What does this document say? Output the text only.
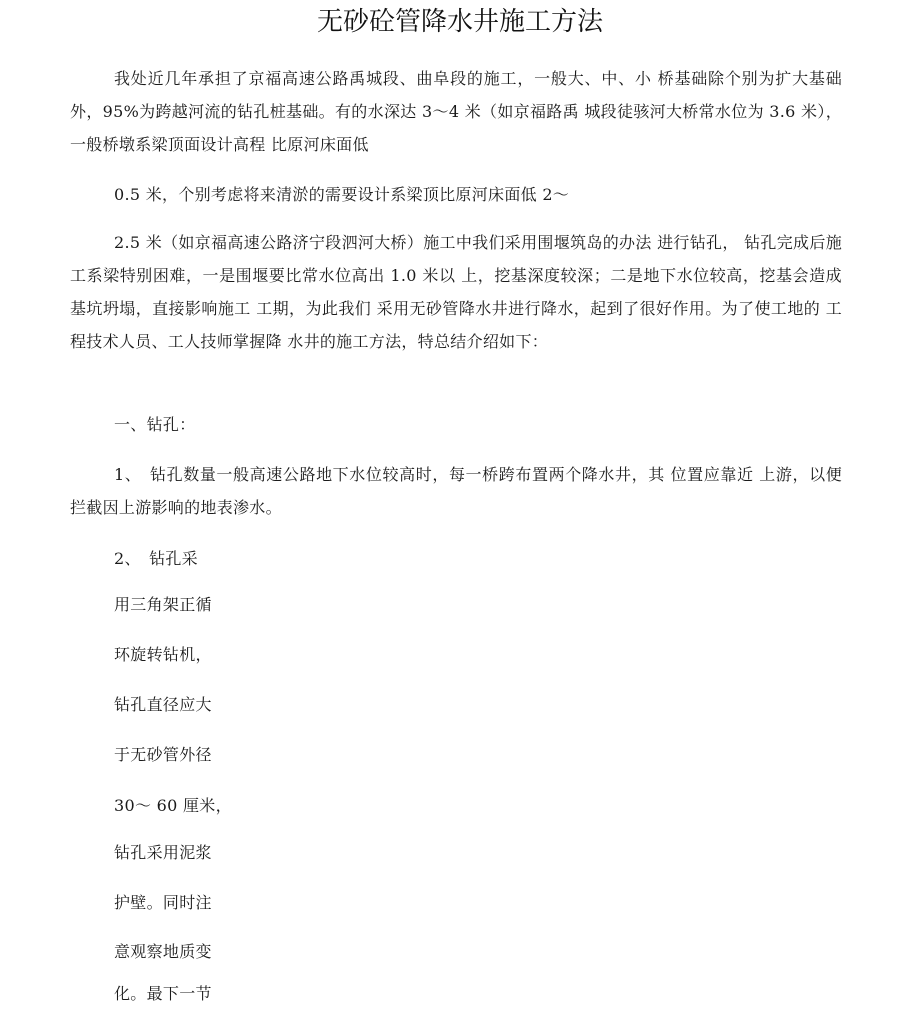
无砂砼管降水井施工方法

我处近几年承担了京福高速公路禹城段、曲阜段的施工，一般大、中、小 桥基础除个别为扩大基础外，95%为跨越河流的钻孔桩基础。有的水深达 3〜4 米（如京福路禹 城段徒骇河大桥常水位为 3.6 米），一般桥墩系梁顶面设计高程 比原河床面低

0.5 米，个别考虑将来清淤的需要设计系梁顶比原河床面低 2〜

2.5 米（如京福高速公路济宁段泗河大桥）施工中我们采用围堰筑岛的办法 进行钻孔， 钻孔完成后施工系梁特别困难，一是围堰要比常水位高出 1.0 米以 上，挖基深度较深；二是地下水位较高，挖基会造成基坑坍塌，直接影响施工 工期，为此我们 采用无砂管降水井进行降水，起到了很好作用。为了使工地的 工程技术人员、工人技师掌握降 水井的施工方法，特总结介绍如下：

一、钻孔：

1、　钻孔数量一般高速公路地下水位较高时，每一桥跨布置两个降水井，其 位置应靠近 上游，以便拦截因上游影响的地表渗水。

2、　钻孔采

用三角架正循

环旋转钻机，

钻孔直径应大

于无砂管外径

30〜 60 厘米，

钻孔采用泥浆

护壁。同时注

意观察地质变

化。最下一节
